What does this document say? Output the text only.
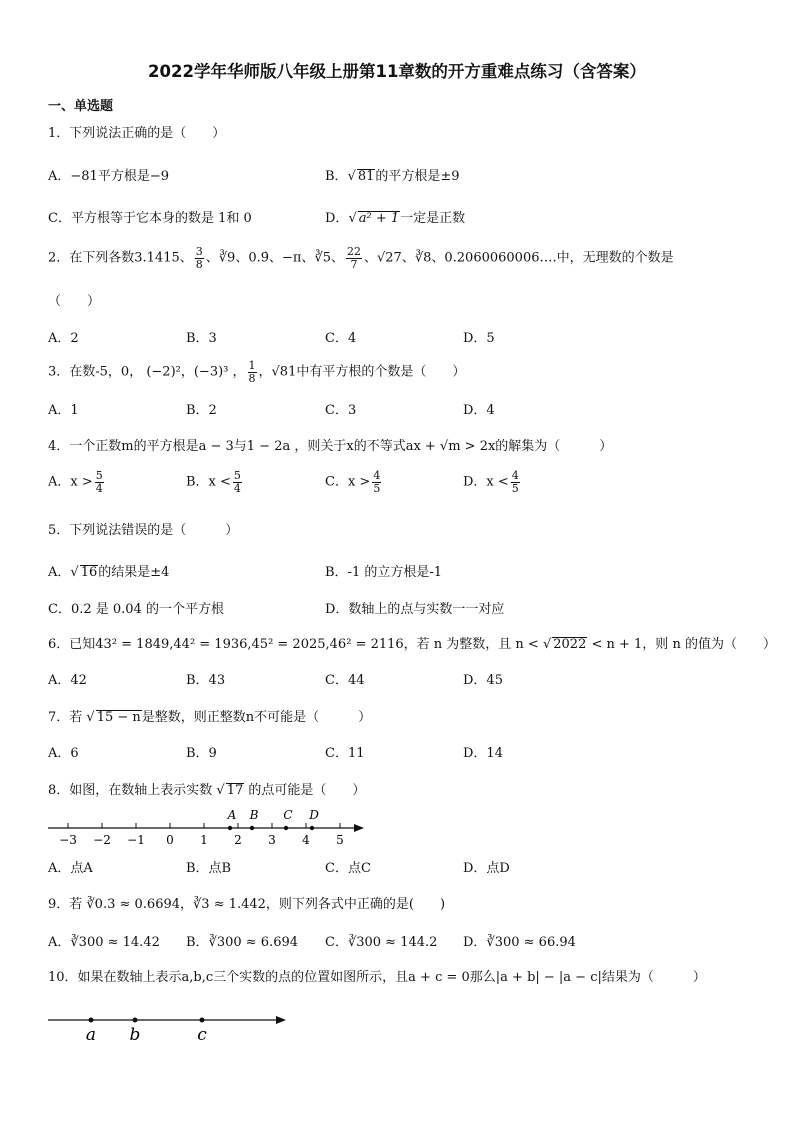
2022学年华师版八年级上册第11章数的开方重难点练习（含答案）
一、单选题
1．下列说法正确的是（　　）
A．−81平方根是−9	B．√ 81的平方根是±9
C．平方根等于它本身的数是 1和 0	D．√ a² + 1一定是正数
2．在下列各数3.1415、 $\frac{3}{8}$ 、∛9、0.9̇、−π、∛5、 $\frac{22}{7}$ 、√27、∛8、0.2060060006….中，无理数的个数是
（　　）
A．2	B．3	C．4	D．5
3．在数-5，0， (−2)²，(−3)³ ， $\frac{1}{8}$ ，√81中有平方根的个数是（　　）
A．1	B．2	C．3	D．4
4．一个正数m的平方根是a − 3与1 − 2a ，则关于x的不等式ax + √m > 2x的解集为（　　　）
A．$x > \frac{5}{4}$	B．$x < \frac{5}{4}$	C．$x > \frac{4}{5}$	D．$x < \frac{4}{5}$
5．下列说法错误的是（　　　）
A．√ 16的结果是±4	B．-1 的立方根是-1
C．0.2 是 0.04 的一个平方根	D．数轴上的点与实数一一对应
6．已知43² = 1849,44² = 1936,45² = 2025,46² = 2116，若 n 为整数，且 n < √ 2022 < n + 1，则 n 的值为（　　）
A．42	B．43	C．44	D．45
7．若 √ 15 − n是整数，则正整数n不可能是（　　　）
A．6	B．9	C．11	D．14
8．如图，在数轴上表示实数 √ 17 的点可能是（　　）
−3 −2 −1 0 1 2 3 4 5
A B C D
A．点A	B．点B	C．点C	D．点D
9．若 ∛0.3 ≈ 0.6694，∛3 ≈ 1.442，则下列各式中正确的是(　　)
A．∛300 ≈ 14.42 B．∛300 ≈ 6.694 C．∛300 ≈ 144.2 D．∛300 ≈ 66.94
10．如果在数轴上表示a,b,c三个实数的点的位置如图所示，且a + c = 0那么|a + b| − |a − c|结果为（　　　）
a b	c
